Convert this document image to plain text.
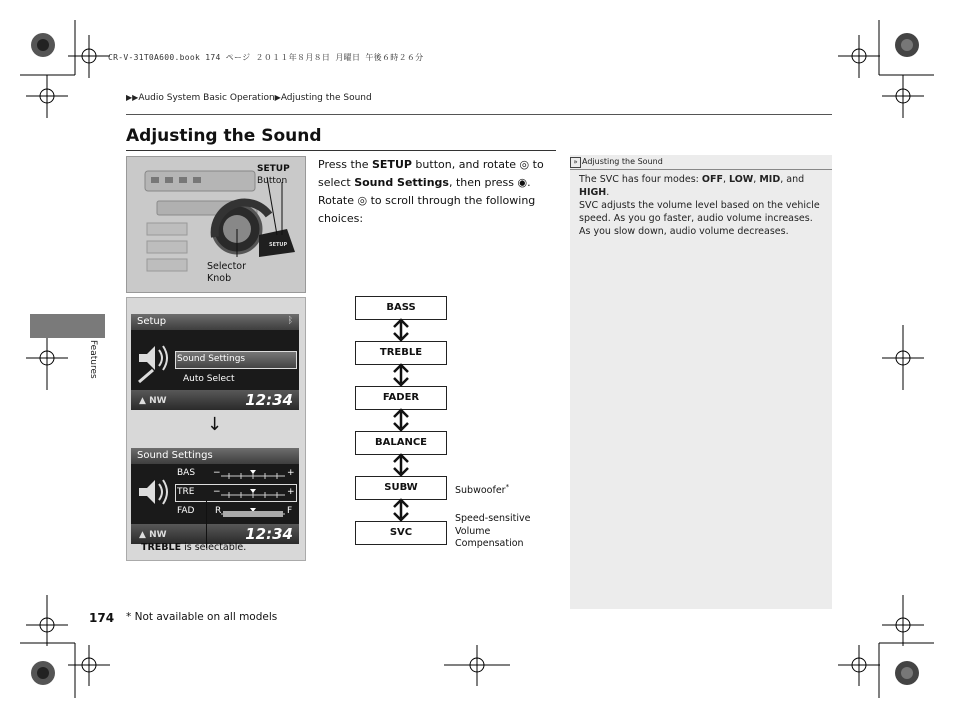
CR-V-31T0A600.book 174 ページ ２０１１年８月８日 月曜日 午後６時２６分
▶▶Audio System Basic Operation▶Adjusting the Sound
Adjusting the Sound
Features
SETUP
Button
SETUP
Selector
Knob
Setup	ᛒ
Sound Settings
Auto Select
▲ NW	12:34
↓
Sound Settings
BAS
TRE
FAD
−	+
−	+
R	F
▲ NW	12:34
TREBLE is selectable.
Press the SETUP button, and rotate ◎ to select Sound Settings, then press ◉. Rotate ◎ to scroll through the following choices:
BASS
TREBLE
FADER
BALANCE
SUBW
SVC
Subwoofer*
Speed-sensitive
Volume
Compensation
» Adjusting the Sound
The SVC has four modes: OFF, LOW, MID, and HIGH.
SVC adjusts the volume level based on the vehicle speed. As you go faster, audio volume increases. As you slow down, audio volume decreases.
174 * Not available on all models
